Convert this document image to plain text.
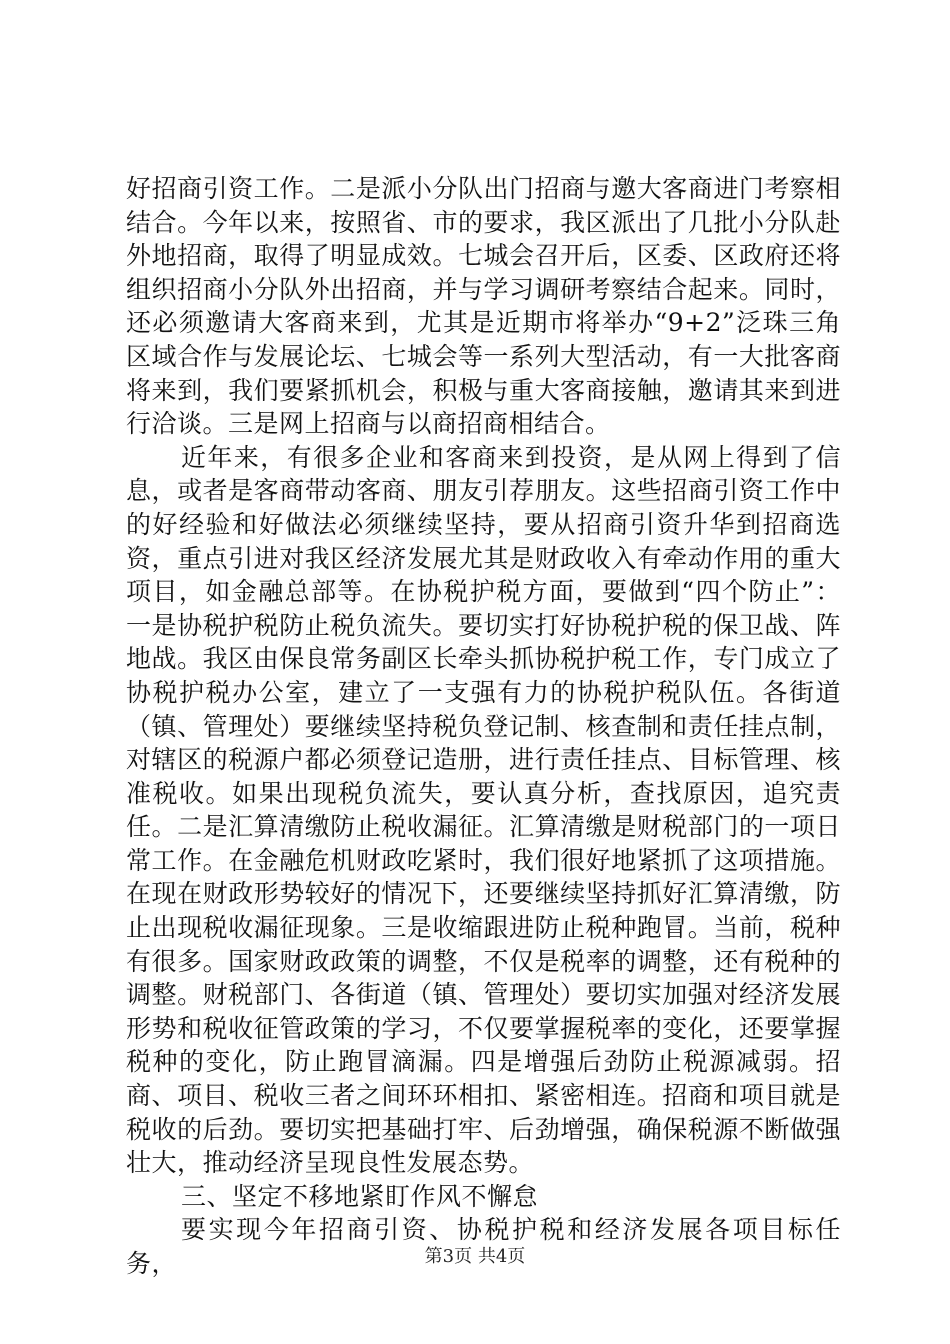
好招商引资工作。二是派小分队出门招商与邀大客商进门考察相结合。今年以来，按照省、市的要求，我区派出了几批小分队赴外地招商，取得了明显成效。七城会召开后，区委、区政府还将组织招商小分队外出招商，并与学习调研考察结合起来。同时，还必须邀请大客商来到，尤其是近期市将举办“9+2”泛珠三角区域合作与发展论坛、七城会等一系列大型活动，有一大批客商将来到，我们要紧抓机会，积极与重大客商接触，邀请其来到进行洽谈。三是网上招商与以商招商相结合。

近年来，有很多企业和客商来到投资，是从网上得到了信息，或者是客商带动客商、朋友引荐朋友。这些招商引资工作中的好经验和好做法必须继续坚持，要从招商引资升华到招商选资，重点引进对我区经济发展尤其是财政收入有牵动作用的重大项目，如金融总部等。在协税护税方面，要做到“四个防止”：一是协税护税防止税负流失。要切实打好协税护税的保卫战、阵地战。我区由保良常务副区长牵头抓协税护税工作，专门成立了协税护税办公室，建立了一支强有力的协税护税队伍。各街道（镇、管理处）要继续坚持税负登记制、核查制和责任挂点制，对辖区的税源户都必须登记造册，进行责任挂点、目标管理、核准税收。如果出现税负流失，要认真分析，查找原因，追究责任。二是汇算清缴防止税收漏征。汇算清缴是财税部门的一项日常工作。在金融危机财政吃紧时，我们很好地紧抓了这项措施。在现在财政形势较好的情况下，还要继续坚持抓好汇算清缴，防止出现税收漏征现象。三是收缩跟进防止税种跑冒。当前，税种有很多。国家财政政策的调整，不仅是税率的调整，还有税种的调整。财税部门、各街道（镇、管理处）要切实加强对经济发展形势和税收征管政策的学习，不仅要掌握税率的变化，还要掌握税种的变化，防止跑冒滴漏。四是增强后劲防止税源减弱。招商、项目、税收三者之间环环相扣、紧密相连。招商和项目就是税收的后劲。要切实把基础打牢、后劲增强，确保税源不断做强壮大，推动经济呈现良性发展态势。

三、坚定不移地紧盯作风不懈怠

要实现今年招商引资、协税护税和经济发展各项目标任务，	第3页 共4页
